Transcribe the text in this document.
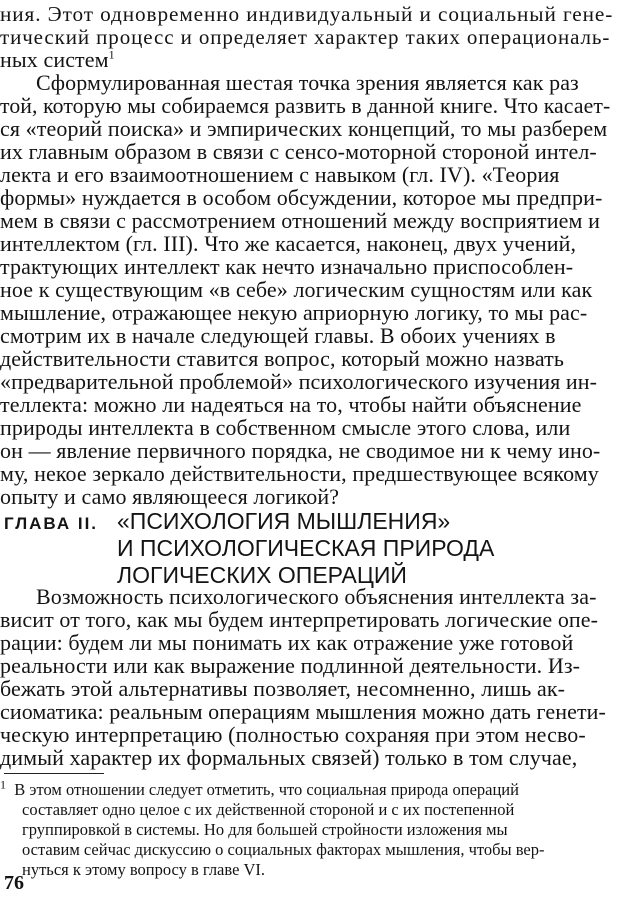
ния. Этот одновременно индивидуальный и социальный гене-
тический процесс и определяет характер таких операциональ-
ных систем$^1$
Сформулированная шестая точка зрения является как раз
той, которую мы собираемся развить в данной книге. Что касает-
ся «теорий поиска» и эмпирических концепций, то мы разберем
их главным образом в связи с сенсо-моторной стороной интел-
лекта и его взаимоотношением с навыком (гл. IV). «Теория
формы» нуждается в особом обсуждении, которое мы предпри-
мем в связи с рассмотрением отношений между восприятием и
интеллектом (гл. III). Что же касается, наконец, двух учений,
трактующих интеллект как нечто изначально приспособлен-
ное к существующим «в себе» логическим сущностям или как
мышление, отражающее некую априорную логику, то мы рас-
смотрим их в начале следующей главы. В обоих учениях в
действительности ставится вопрос, который можно назвать
«предварительной проблемой» психологического изучения ин-
теллекта: можно ли надеяться на то, чтобы найти объяснение
природы интеллекта в собственном смысле этого слова, или
он — явление первичного порядка, не сводимое ни к чему ино-
му, некое зеркало действительности, предшествующее всякому
опыту и само являющееся логикой?
ГЛАВА II. «ПСИХОЛОГИЯ МЫШЛЕНИЯ»
И ПСИХОЛОГИЧЕСКАЯ ПРИРОДА
ЛОГИЧЕСКИХ ОПЕРАЦИЙ
Возможность психологического объяснения интеллекта за-
висит от того, как мы будем интерпретировать логические опе-
рации: будем ли мы понимать их как отражение уже готовой
реальности или как выражение подлинной деятельности. Из-
бежать этой альтернативы позволяет, несомненно, лишь ак-
сиоматика: реальным операциям мышления можно дать генети-
ческую интерпретацию (полностью сохраняя при этом несво-
димый характер их формальных связей) только в том случае,
$^1$ В этом отношении следует отметить, что социальная природа операций
составляет одно целое с их действенной стороной и с их постепенной
группировкой в системы. Но для большей стройности изложения мы
оставим сейчас дискуссию о социальных факторах мышления, чтобы вер-
нуться к этому вопросу в главе VI.
76
